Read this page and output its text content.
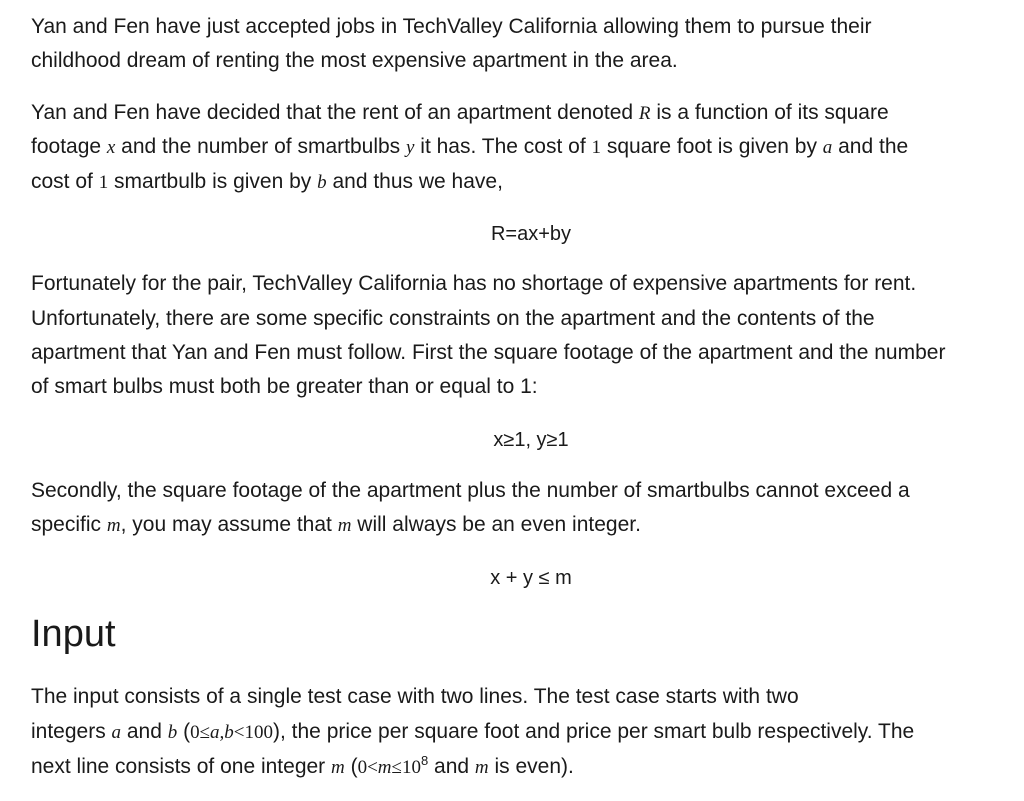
Yan and Fen have just accepted jobs in TechValley California allowing them to pursue their

childhood dream of renting the most expensive apartment in the area.

Yan and Fen have decided that the rent of an apartment denoted R is a function of its square

footage x and the number of smartbulbs y it has. The cost of 1 square foot is given by a and the

cost of 1 smartbulb is given by b and thus we have,

R=ax+by

Fortunately for the pair, TechValley California has no shortage of expensive apartments for rent.

Unfortunately, there are some specific constraints on the apartment and the contents of the

apartment that Yan and Fen must follow. First the square footage of the apartment and the number

of smart bulbs must both be greater than or equal to 1:

x≥1, y≥1

Secondly, the square footage of the apartment plus the number of smartbulbs cannot exceed a

specific m, you may assume that m will always be an even integer.

x + y ≤ m

Input

The input consists of a single test case with two lines. The test case starts with two

integers a and b (0≤a,b<100), the price per square foot and price per smart bulb respectively. The

next line consists of one integer m ($0<m\le 10^8$ and m is even).
